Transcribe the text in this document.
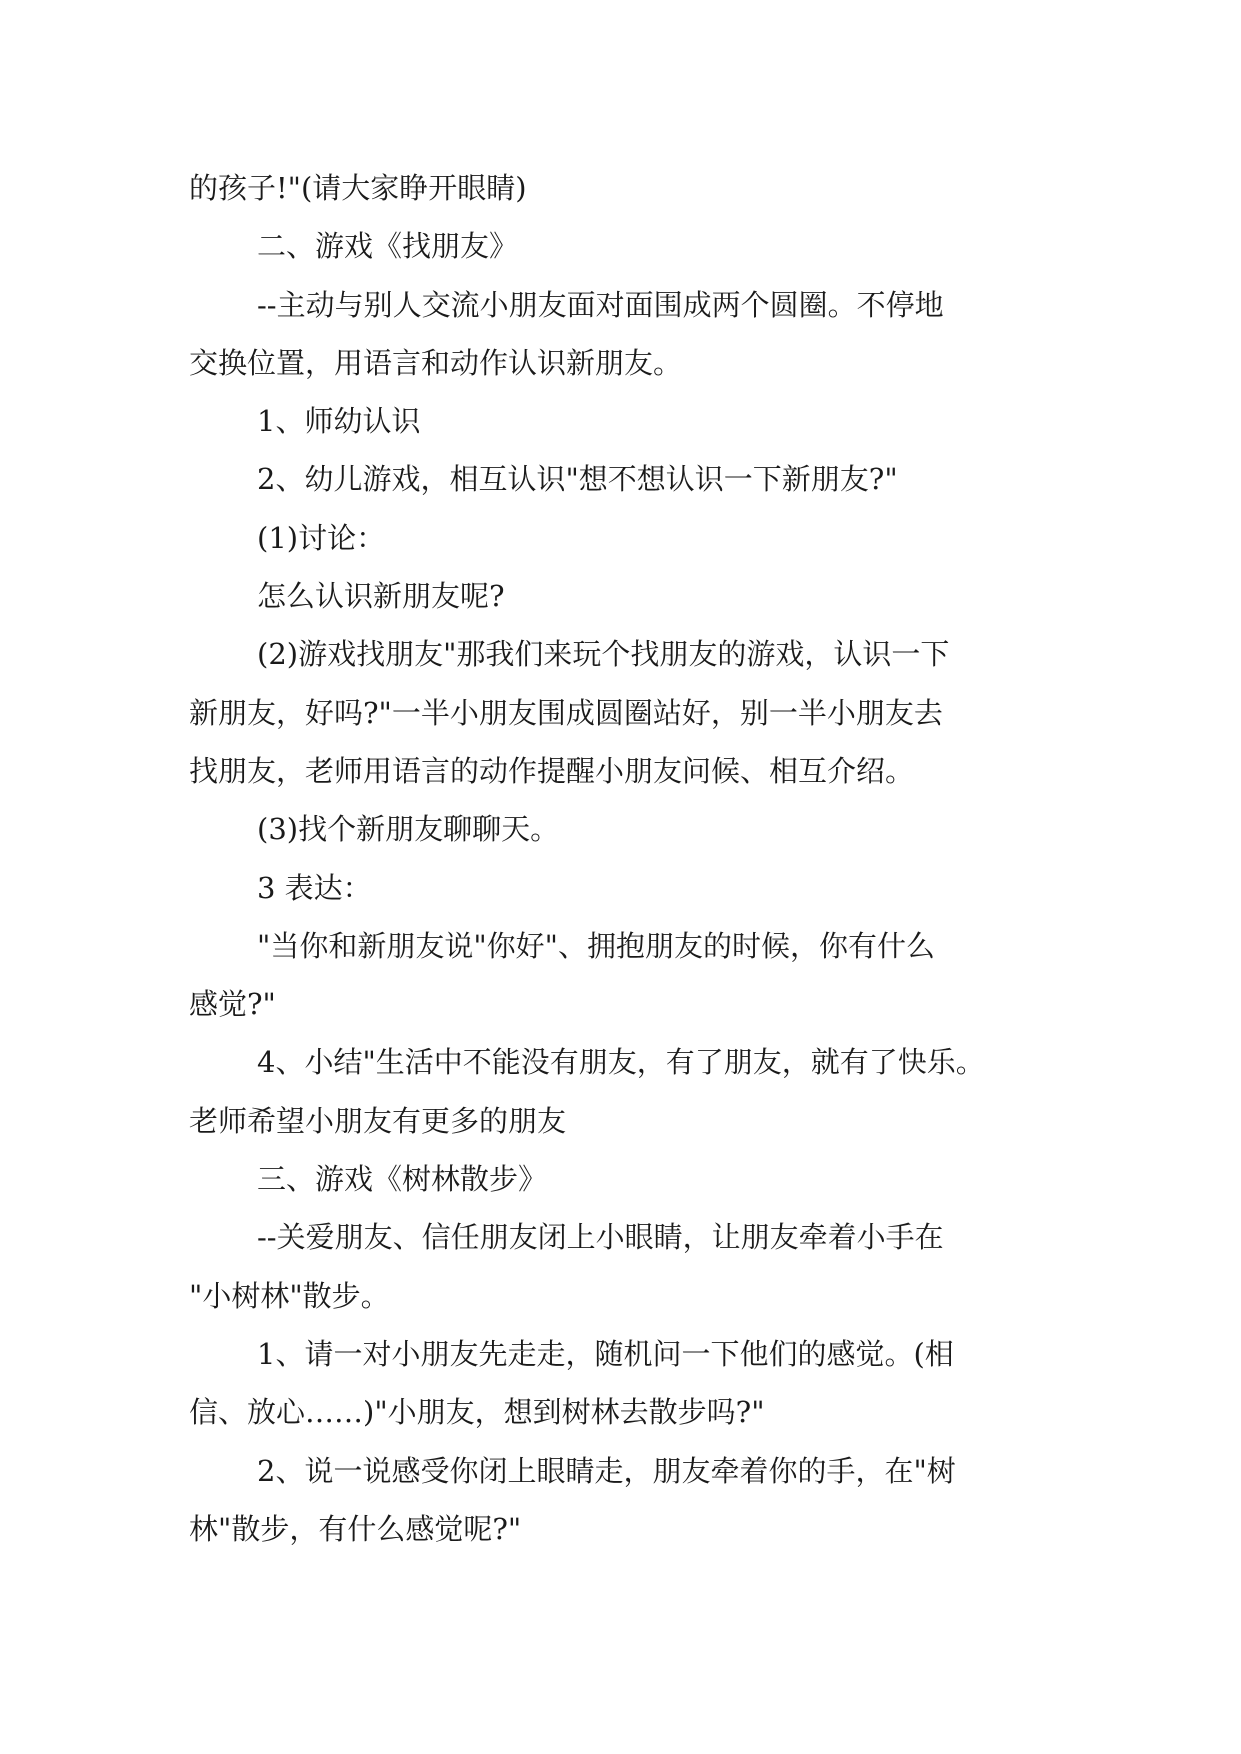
的孩子!"(请大家睁开眼睛)
二、游戏《找朋友》
--主动与别人交流小朋友面对面围成两个圆圈。不停地
交换位置，用语言和动作认识新朋友。
1、师幼认识
2、幼儿游戏，相互认识"想不想认识一下新朋友?"
(1)讨论：
怎么认识新朋友呢?
(2)游戏找朋友"那我们来玩个找朋友的游戏，认识一下
新朋友，好吗?"一半小朋友围成圆圈站好，别一半小朋友去
找朋友，老师用语言的动作提醒小朋友问候、相互介绍。
(3)找个新朋友聊聊天。
3 表达：
"当你和新朋友说"你好"、拥抱朋友的时候，你有什么
感觉?"
4、小结"生活中不能没有朋友，有了朋友，就有了快乐。
老师希望小朋友有更多的朋友
三、游戏《树林散步》
--关爱朋友、信任朋友闭上小眼睛，让朋友牵着小手在
"小树林"散步。
1、请一对小朋友先走走，随机问一下他们的感觉。(相
信、放心……)"小朋友，想到树林去散步吗?"
2、说一说感受你闭上眼睛走，朋友牵着你的手，在"树
林"散步，有什么感觉呢?"
